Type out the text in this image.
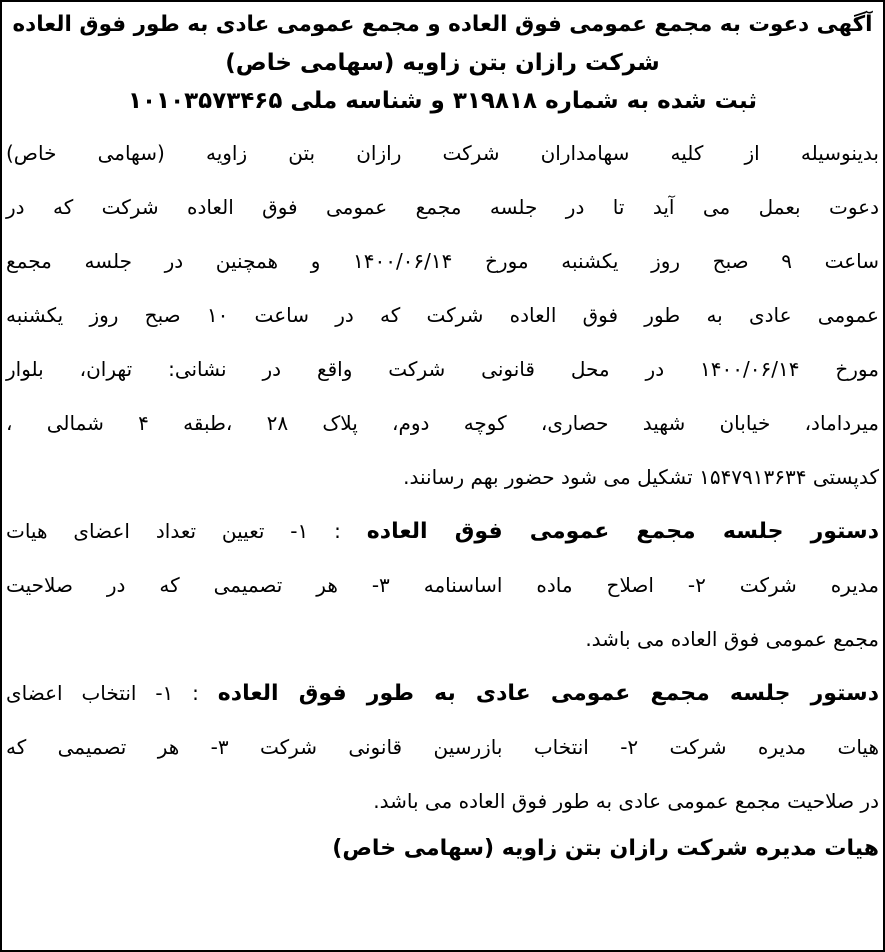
آگهی دعوت به مجمع عمومی فوق العاده و مجمع عمومی عادی به طور فوق العاده
شرکت رازان بتن زاویه (سهامی خاص)
ثبت شده به شماره ۳۱۹۸۱۸ و شناسه ملی ۱۰۱۰۳۵۷۳۴۶۵
بدینوسیله از کلیه سهامداران شرکت رازان بتن زاویه (سهامی خاص)
دعوت بعمل می آید تا در جلسه مجمع عمومی فوق العاده شرکت که در
ساعت ۹ صبح روز یکشنبه مورخ ۱۴۰۰/۰۶/۱۴ و همچنین در جلسه مجمع
عمومی عادی به طور فوق العاده شرکت که در ساعت ۱۰ صبح روز یکشنبه
مورخ ۱۴۰۰/۰۶/۱۴ در محل قانونی شرکت واقع در نشانی: تهران، بلوار
میرداماد، خیابان شهید حصاری، کوچه دوم، پلاک ۲۸ ،طبقه ۴ شمالی ،
کدپستی ۱۵۴۷۹۱۳۶۳۴ تشکیل می شود حضور بهم رسانند.
دستور جلسه مجمع عمومی فوق العاده : ۱- تعیین تعداد اعضای هیات
مدیره شرکت ۲- اصلاح ماده اساسنامه ۳- هر تصمیمی که در صلاحیت
مجمع عمومی فوق العاده می باشد.
دستور جلسه مجمع عمومی عادی به طور فوق العاده : ۱- انتخاب اعضای
هیات مدیره شرکت ۲- انتخاب بازرسین قانونی شرکت ۳- هر تصمیمی که
در صلاحیت مجمع عمومی عادی به طور فوق العاده می باشد.
هیات مدیره شرکت رازان بتن زاویه (سهامی خاص)
